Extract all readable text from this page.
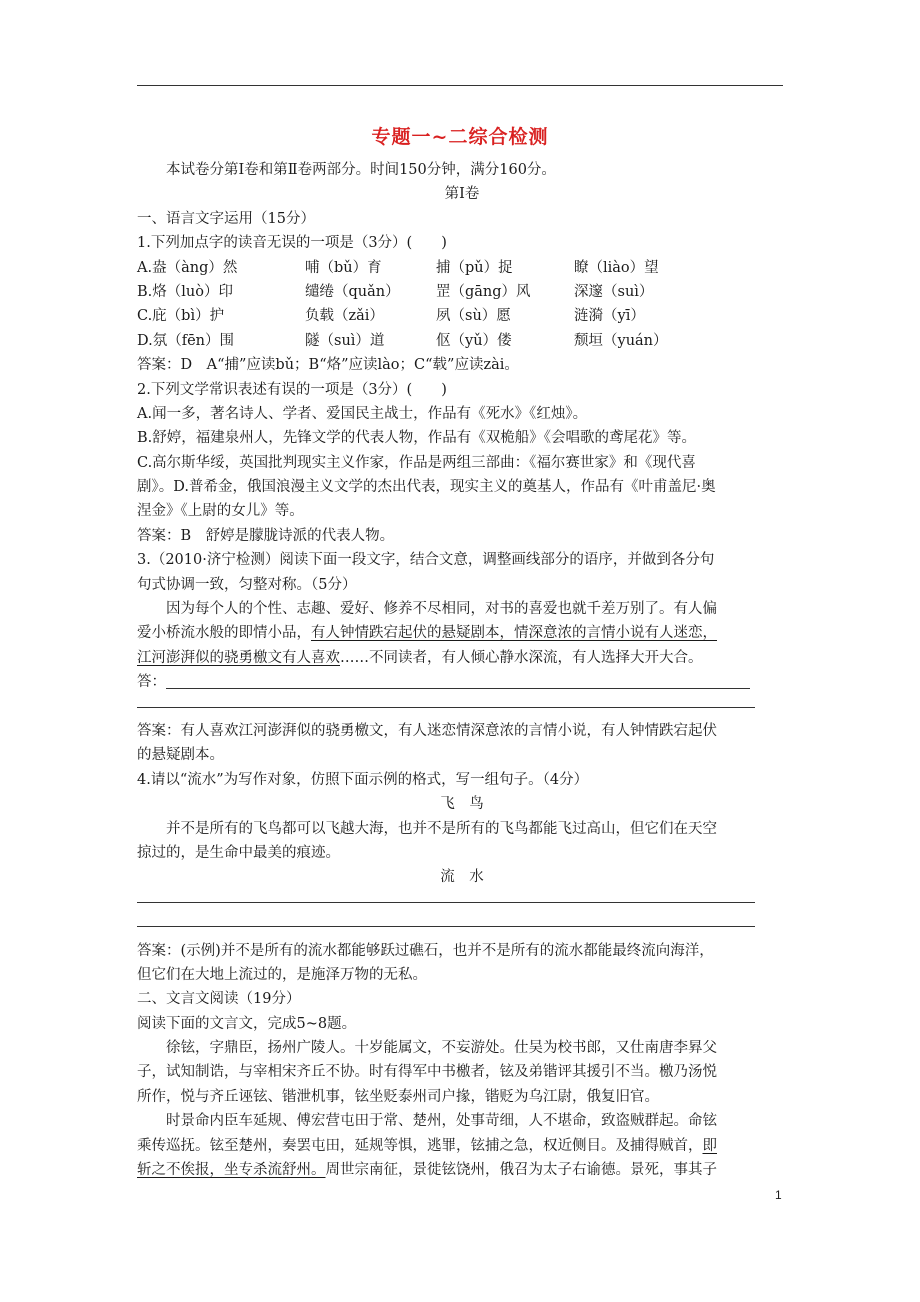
专题一~二综合检测
本试卷分第Ⅰ卷和第Ⅱ卷两部分。时间150分钟，满分160分。
第Ⅰ卷
一、语言文字运用（15分）
1.下列加点字的读音无误的一项是（3分）(　　)
A.盎（àng）然	哺（bǔ）育	捕（pǔ）捉	瞭（liào）望
B.烙（luò）印	缱绻（quǎn）	罡（gāng）风	深邃（suì）
C.庇（bì）护	负载（zǎi）	夙（sù）愿	涟漪（yī）
D.氛（fēn）围	隧（suì）道	伛（yǔ）偻	颓垣（yuán）
答案：D　A“捕”应读bǔ；B“烙”应读lào；C“载”应读zài。
2.下列文学常识表述有误的一项是（3分）(　　)
A.闻一多，著名诗人、学者、爱国民主战士，作品有《死水》《红烛》。
B.舒婷，福建泉州人，先锋文学的代表人物，作品有《双桅船》《会唱歌的鸢尾花》等。
C.高尔斯华绥，英国批判现实主义作家，作品是两组三部曲：《福尔赛世家》和《现代喜
剧》。D.普希金，俄国浪漫主义文学的杰出代表，现实主义的奠基人，作品有《叶甫盖尼·奥
涅金》《上尉的女儿》等。
答案：B　舒婷是朦胧诗派的代表人物。
3.（2010·济宁检测）阅读下面一段文字，结合文意，调整画线部分的语序，并做到各分句
句式协调一致，匀整对称。（5分）
因为每个人的个性、志趣、爱好、修养不尽相同，对书的喜爱也就千差万别了。有人偏
爱小桥流水般的即情小品，有人钟情跌宕起伏的悬疑剧本，情深意浓的言情小说有人迷恋，
江河澎湃似的骁勇檄文有人喜欢……不同读者，有人倾心静水深流，有人选择大开大合。
答：
答案：有人喜欢江河澎湃似的骁勇檄文，有人迷恋情深意浓的言情小说，有人钟情跌宕起伏
的悬疑剧本。
4.请以“流水”为写作对象，仿照下面示例的格式，写一组句子。（4分）
飞　鸟
并不是所有的飞鸟都可以飞越大海，也并不是所有的飞鸟都能飞过高山，但它们在天空
掠过的，是生命中最美的痕迹。
流　水
答案：(示例)并不是所有的流水都能够跃过礁石，也并不是所有的流水都能最终流向海洋，
但它们在大地上流过的，是施泽万物的无私。
二、文言文阅读（19分）
阅读下面的文言文，完成5~8题。
徐铉，字鼎臣，扬州广陵人。十岁能属文，不妄游处。仕吴为校书郎，又仕南唐李昪父
子，试知制诰，与宰相宋齐丘不协。时有得军中书檄者，铉及弟锴评其援引不当。檄乃汤悦
所作，悦与齐丘诬铉、锴泄机事，铉坐贬泰州司户掾，锴贬为乌江尉，俄复旧官。
时景命内臣车延规、傅宏营屯田于常、楚州，处事苛细，人不堪命，致盗贼群起。命铉
乘传巡抚。铉至楚州，奏罢屯田，延规等惧，逃罪，铉捕之急，权近侧目。及捕得贼首，即
斩之不俟报，坐专杀流舒州。周世宗南征，景徙铉饶州，俄召为太子右谕德。景死，事其子
1
